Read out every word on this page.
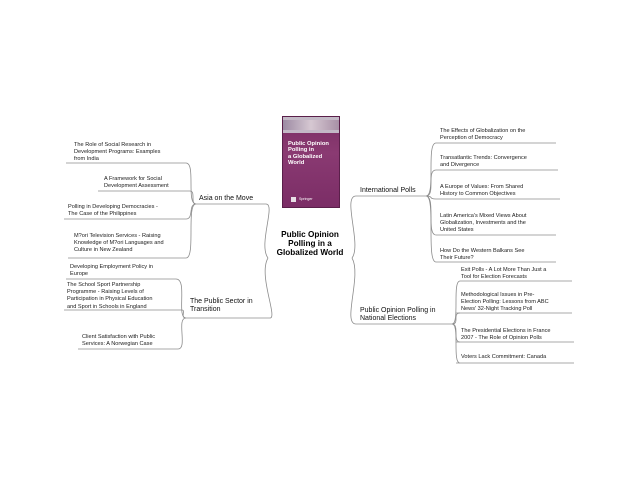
Public Opinion
Polling in
a Globalized
World
Springer
Public Opinion
Polling in a
Globalized World
Asia on the Move
The Public Sector in
Transition
International Polls
Public Opinion Polling in
National Elections
The Role of Social Research in
Development Programs: Examples
from India
A Framework for Social
Development Assessment
Polling in Developing Democracies -
The Case of the Philippines
M?ori Television Services - Raising
Knowledge of M?ori Languages and
Culture in New Zealand
Developing Employment Policy in
Europe
The School Sport Partnership
Programme - Raising Levels of
Participation in Physical Education
and Sport in Schools in England
Client Satisfaction with Public
Services: A Norwegian Case
The Effects of Globalization on the
Perception of Democracy
Transatlantic Trends: Convergence
and Divergence
A Europe of Values: From Shared
History to Common Objectives
Latin America's Mixed Views About
Globalization, Investments and the
United States
How Do the Western Balkans See
Their Future?
Exit Polls - A Lot More Than Just a
Tool for Election Forecasts
Methodological Issues in Pre-
Election Polling: Lessons from ABC
News' 32-Night Tracking Poll
The Presidential Elections in France
2007 - The Role of Opinion Polls
Voters Lack Commitment: Canada
